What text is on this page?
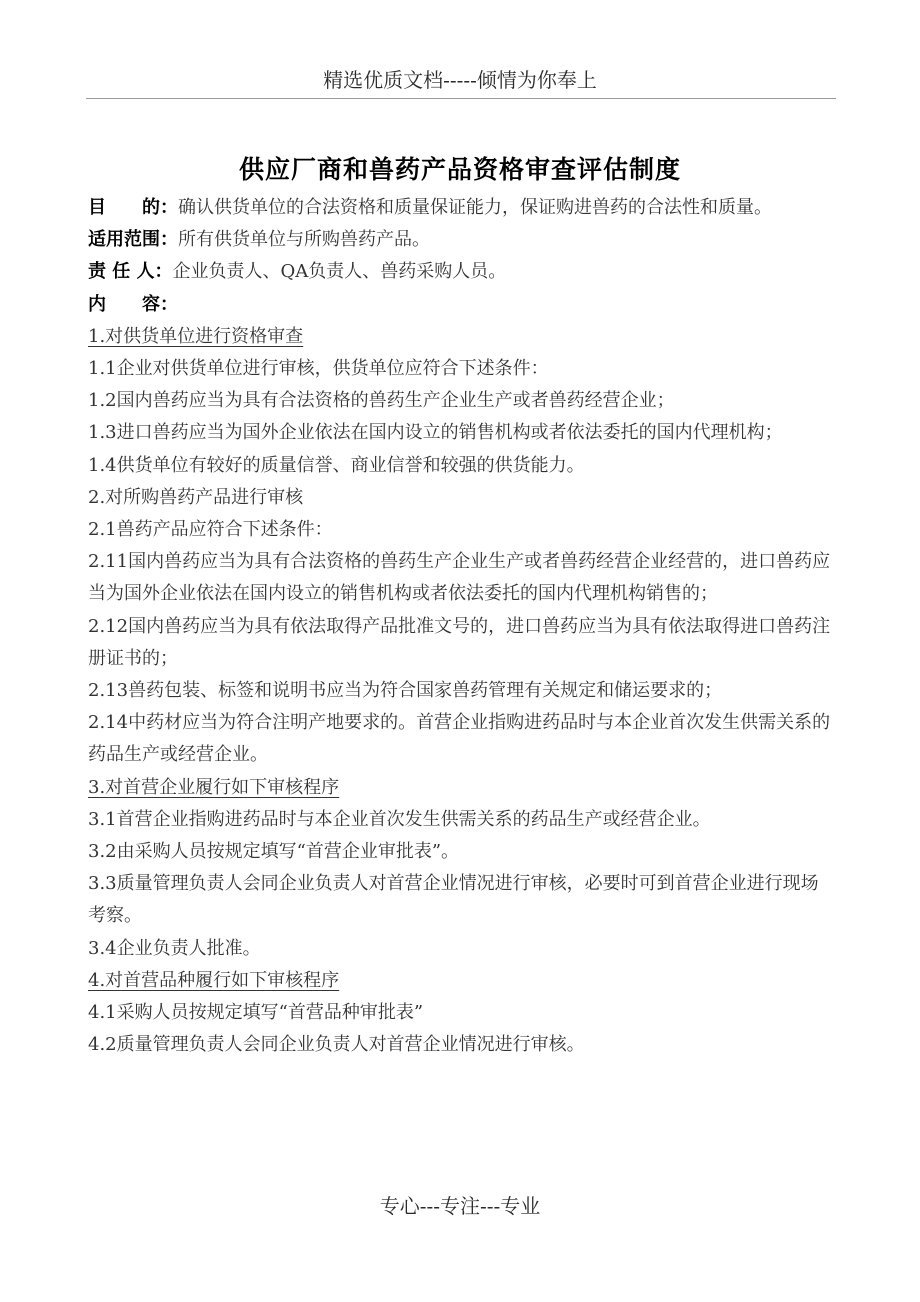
精选优质文档-----倾情为你奉上
供应厂商和兽药产品资格审查评估制度

目　　的：确认供货单位的合法资格和质量保证能力，保证购进兽药的合法性和质量。

适用范围：所有供货单位与所购兽药产品。

责 任 人：企业负责人、QA负责人、兽药采购人员。

内　　容：

1.对供货单位进行资格审查

1.1企业对供货单位进行审核，供货单位应符合下述条件：

1.2国内兽药应当为具有合法资格的兽药生产企业生产或者兽药经营企业；

1.3进口兽药应当为国外企业依法在国内设立的销售机构或者依法委托的国内代理机构；

1.4供货单位有较好的质量信誉、商业信誉和较强的供货能力。

2.对所购兽药产品进行审核

2.1兽药产品应符合下述条件：

2.11国内兽药应当为具有合法资格的兽药生产企业生产或者兽药经营企业经营的，进口兽药应当为国外企业依法在国内设立的销售机构或者依法委托的国内代理机构销售的；

2.12国内兽药应当为具有依法取得产品批准文号的，进口兽药应当为具有依法取得进口兽药注册证书的；

2.13兽药包装、标签和说明书应当为符合国家兽药管理有关规定和储运要求的；

2.14中药材应当为符合注明产地要求的。首营企业指购进药品时与本企业首次发生供需关系的药品生产或经营企业。

3.对首营企业履行如下审核程序

3.1首营企业指购进药品时与本企业首次发生供需关系的药品生产或经营企业。

3.2由采购人员按规定填写“首营企业审批表”。

3.3质量管理负责人会同企业负责人对首营企业情况进行审核，必要时可到首营企业进行现场考察。

3.4企业负责人批准。

4.对首营品种履行如下审核程序

4.1采购人员按规定填写“首营品种审批表”

4.2质量管理负责人会同企业负责人对首营企业情况进行审核。

专心---专注---专业
